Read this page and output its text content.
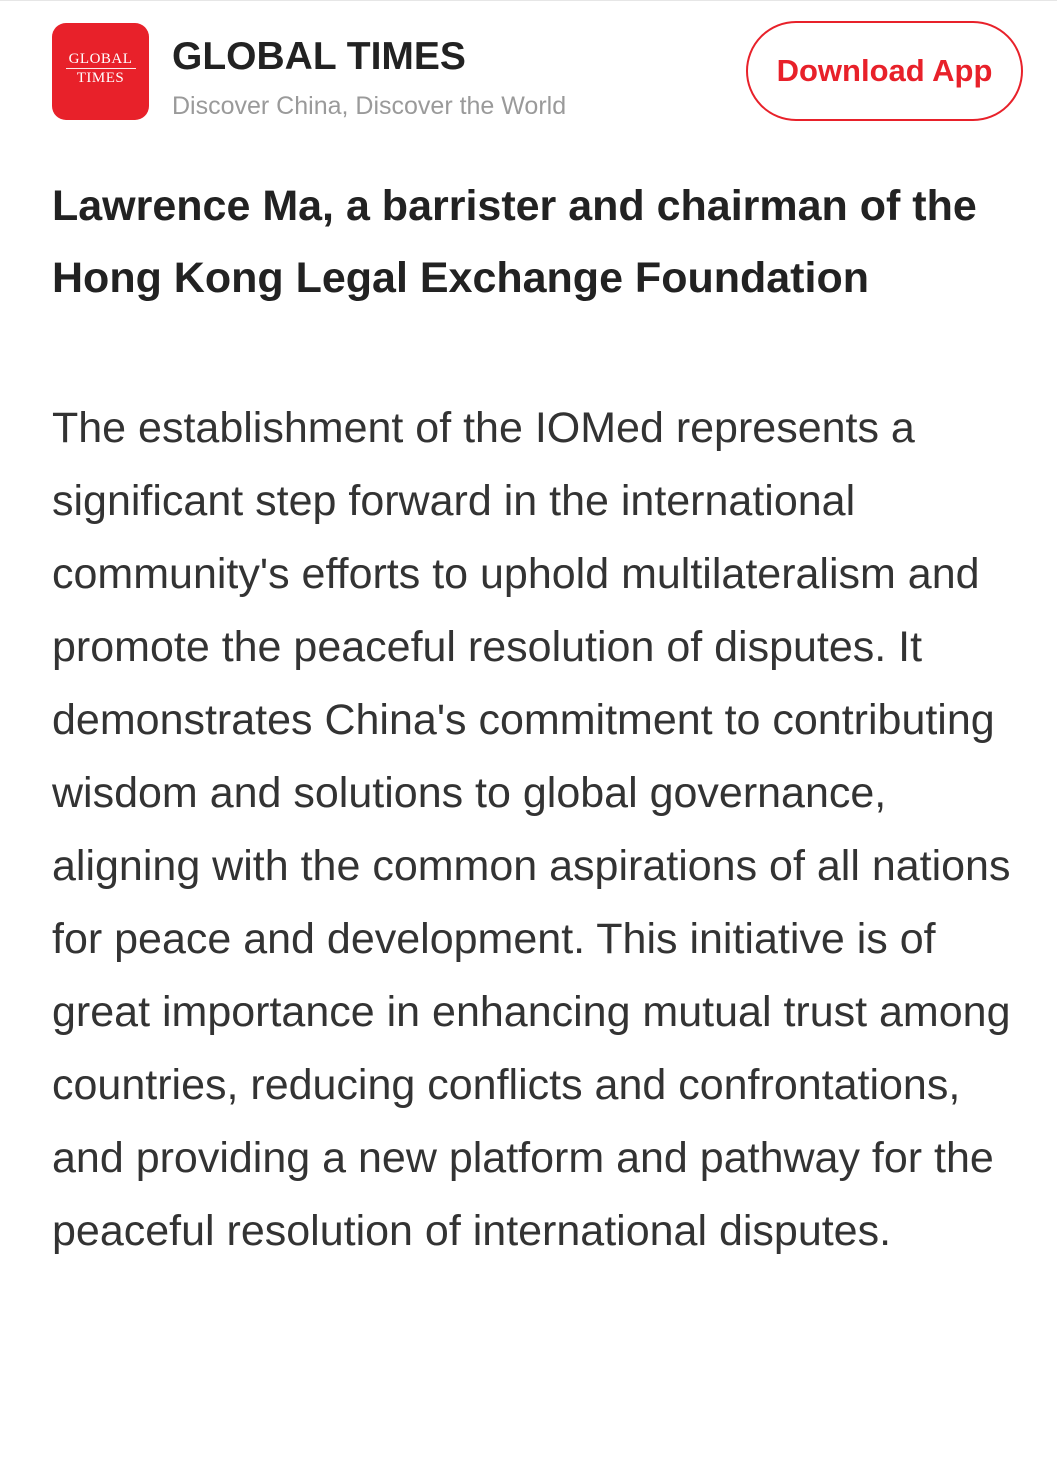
GLOBAL
TIMES	GLOBAL TIMES
Discover China, Discover the World
Download App

Lawrence Ma, a barrister and chairman of the Hong Kong Legal Exchange Foundation

The establishment of the IOMed represents a significant step forward in the international community's efforts to uphold multilateralism and promote the peaceful resolution of disputes. It demonstrates China's commitment to contributing wisdom and solutions to global governance, aligning with the common aspirations of all nations for peace and development. This initiative is of great importance in enhancing mutual trust among countries, reducing conflicts and confrontations, and providing a new platform and pathway for the peaceful resolution of international disputes.
